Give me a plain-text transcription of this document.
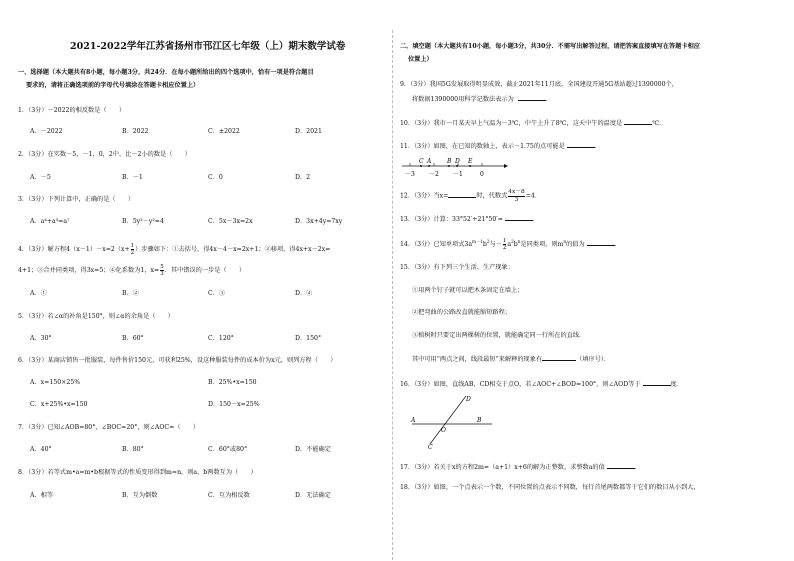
2021-2022学年江苏省扬州市邗江区七年级（上）期末数学试卷
一、选择题（本大题共有8小题，每小题3分，共24分．在每小题所给出的四个选项中，恰有一项是符合题目
要求的，请将正确选项前的字母代号填涂在答题卡相应位置上）
1．（3分）－2022的相反数是（　　）
A．－2022	B．2022	C．±2022	D．2021
2．（3分）在实数－5，－1，0，2中，比－2小的数是（　　）
A．－5	B．－1	C．0	D．2
3．（3分）下列计算中，正确的是（　　）
A．a⁴+a³=a⁷	B．5y²－y²=4	C．5x－3x=2x	D．3x+4y=7xy
4．（3分）解方程$4(x-1)-x=2(x+ \frac{1}{2}$ ）步骤如下：①去括号，得4x－4－x=2x+1；②移项，得4x+x－2x=
4+1；③合并同类项，得3x=5；④化系数为1，$x= \frac{5}{3}$ ．其中错误的一步是（　　）
A．①	B．②	C．③	D．④
5．（3分）若∠α的补角是150°，则∠α的余角是（　　）
A．30°	B．60°	C．120°	D．150°
6．（3分）某商店销售一批服装，每件售价150元，可获利25%，设这种服装每件的成本价为x元，则列方程（　　）
A．x=150×25%	B．25%•x=150
C．x+25%•x=150	D．150－x=25%
7．（3分）已知∠AOB=80°，∠BOC=20°，则∠AOC=（　　）
A．40°	B．80°	C．60°或80°	D．不能确定
8．（3分）若等式m•a=m•b根据等式的性质变形得到m=n，则a，b两数互为（　　）
A．相等	B．互为倒数	C．互为相反数	D．无法确定
二、填空题（本大题共有10小题，每小题3分，共30分．不需写出解答过程，请把答案直接填写在答题卡相应
位置上）
9．（3分）我国5G发展取得明显成效，截止2021年11月底，全国建设开通5G基站超过1390000个，
将数据1390000用科学记数法表示为	．
10．（3分）我市一月某天早上气温为－3℃，中午上升了8℃，这天中午的温度是	℃．
11．（3分）如图，在已知的数轴上，表示－1.75的点可能是	．
C A	B D E
－3 －2 －1	0
12．（3分）当x=	时，代数式 $\frac{4x-8}{3} =4$．
13．（3分）计算：33°52′+21°50′=	．
14．（3分）已知单项式$3a^{m-1}b^2$与－ $\frac{1}{2} a^2b^n$是同类项，则$m^n$的值为	．
15．（3分）有下列三个生活、生产现象：
①用两个钉子就可以把木条固定在墙上；
②把弯曲的公路改直就能缩短路程；
③植树时只要定出两棵树的位置，就能确定同一行所在的直线．
其中可用“两点之间，线段最短”来解释的现象有	（填序号）．
16．（3分）如图，直线AB，CD相交于点O，若∠AOC+∠BOD=100°，则∠AOD等于	度．
D
A
O
B
C
17．（3分）若关于x的方程2m=（a+1）x+6的解为正整数，求整数a的值	．
18．（3分）如图，一个点表示一个数，不同位置的点表示不同数，每行首尾两数都等于它们的数目从小到大，
